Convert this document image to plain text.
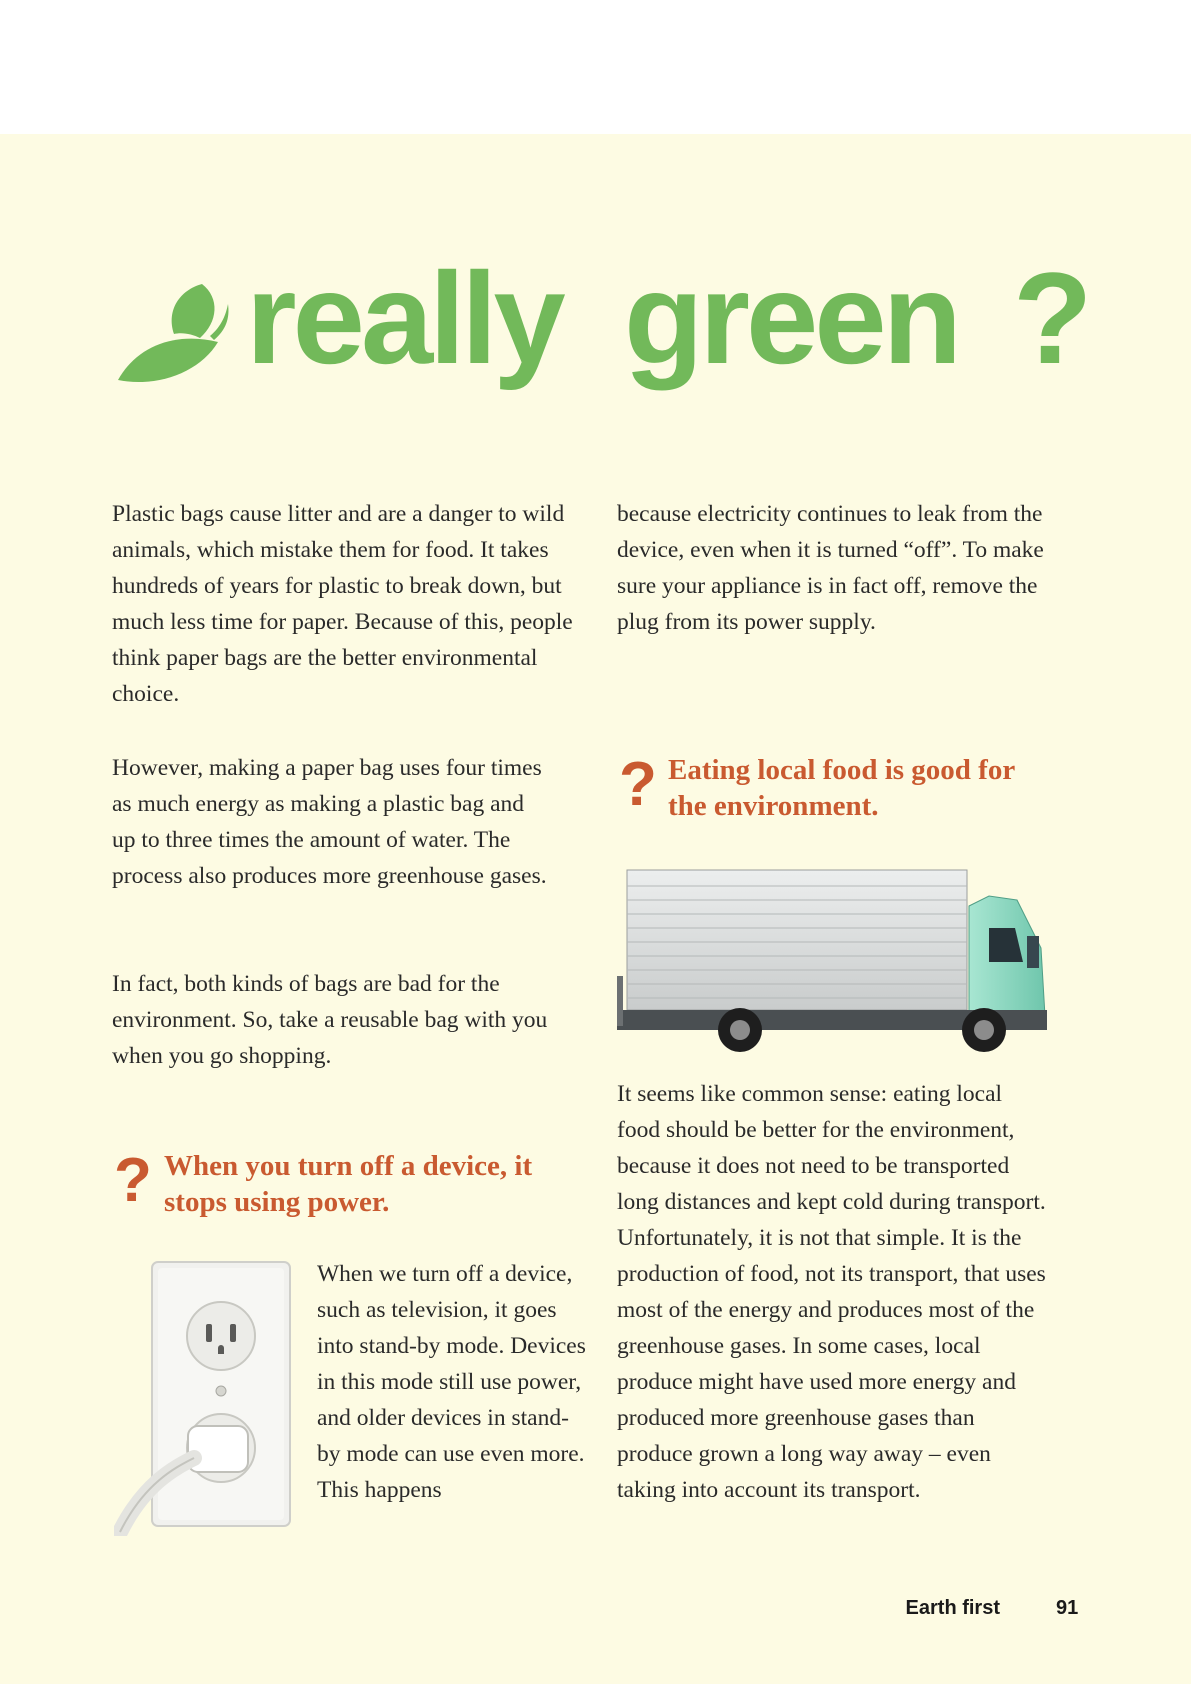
really green ?

Plastic bags cause litter and are a danger to wild animals, which mistake them for food. It takes hundreds of years for plastic to break down, but much less time for paper. Because of this, people think paper bags are the better environmental choice.

However, making a paper bag uses four times as much energy as making a plastic bag and up to three times the amount of water. The process also produces more greenhouse gases.

In fact, both kinds of bags are bad for the environment. So, take a reusable bag with you when you go shopping.

? When you turn off a device, it stops using power.

When we turn off a device, such as television, it goes into stand-by mode. Devices in this mode still use power, and older devices in stand-by mode can use even more. This happens

because electricity continues to leak from the device, even when it is turned “off”. To make sure your appliance is in fact off, remove the plug from its power supply.

? Eating local food is good for the environment.

It seems like common sense: eating local food should be better for the environment, because it does not need to be transported long distances and kept cold during transport. Unfortunately, it is not that simple. It is the production of food, not its transport, that uses most of the energy and produces most of the greenhouse gases. In some cases, local produce might have used more energy and produced more greenhouse gases than produce grown a long way away – even taking into account its transport.

Earth first	91
